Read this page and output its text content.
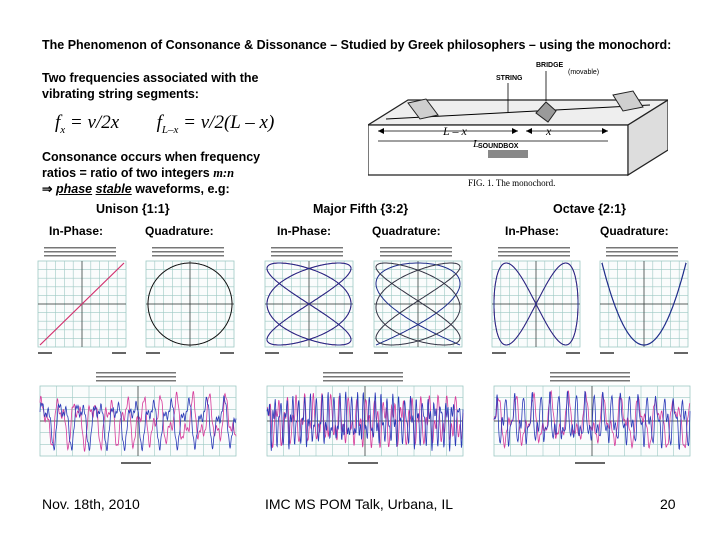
The Phenomenon of Consonance & Dissonance – Studied by Greek philosophers – using the monochord:
Two frequencies associated with the
vibrating string segments:
$f_x = v/2x$ $f_{L-x} = v/2(L - x)$
Consonance occurs when frequency
ratios = ratio of two integers m:n
⇒ phase stable waveforms, e.g:
BRIDGE
(movable)
STRING
SOUNDBOX
L – x	x
L
FIG. 1. The monochord.
Unison {1:1}	Major Fifth {3:2}	Octave {2:1}
In-Phase:	Quadrature:	In-Phase:	Quadrature:	In-Phase:	Quadrature:
Nov. 18th, 2010	IMC MS POM Talk, Urbana, IL	20
